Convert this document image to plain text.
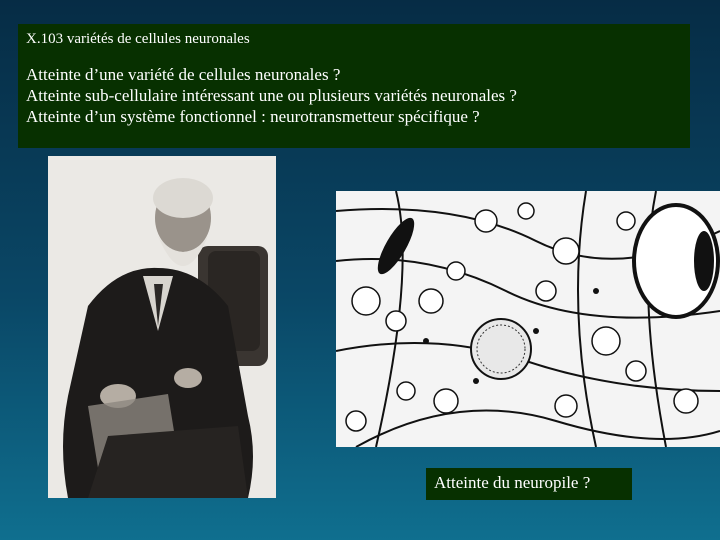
X.103 variétés de cellules neuronales

Atteinte d’une variété de cellules neuronales ?

Atteinte sub-cellulaire intéressant une ou plusieurs variétés neuronales ?

Atteinte d’un système fonctionnel : neurotransmetteur spécifique ?

Atteinte du neuropile ?
